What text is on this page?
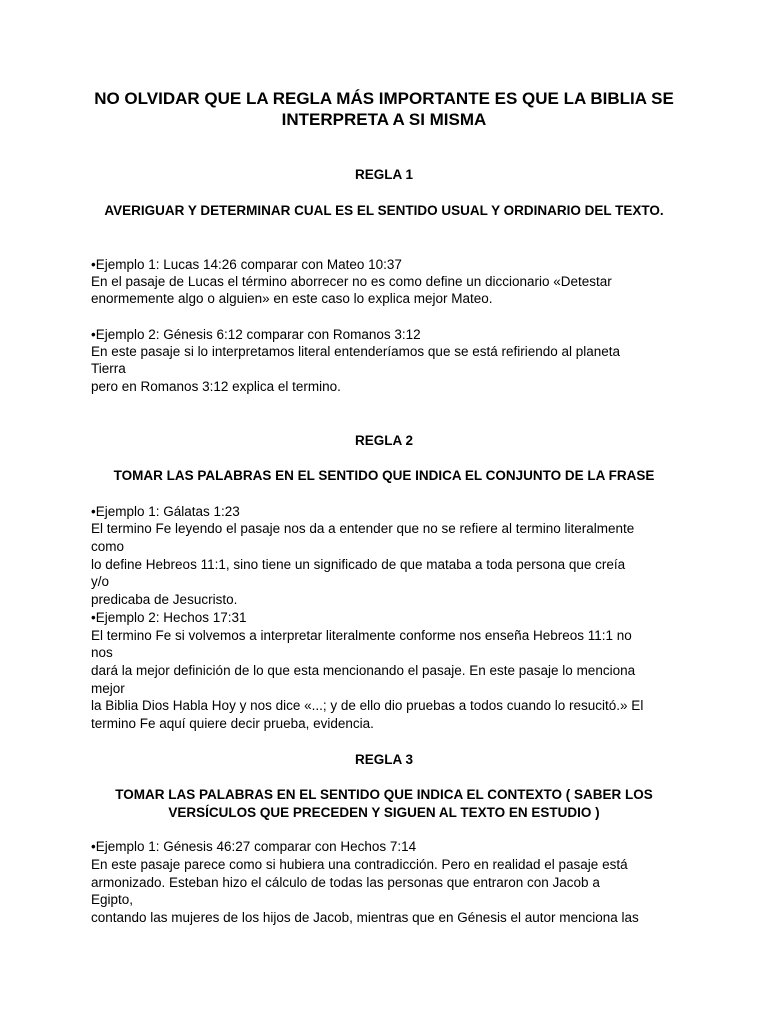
NO OLVIDAR QUE LA REGLA MÁS IMPORTANTE ES QUE LA BIBLIA SE INTERPRETA A SI MISMA

REGLA 1

AVERIGUAR Y DETERMINAR CUAL ES EL SENTIDO USUAL Y ORDINARIO DEL TEXTO.

•Ejemplo 1: Lucas 14:26 comparar con Mateo 10:37

En el pasaje de Lucas el término aborrecer no es como define un diccionario «Detestar

enormemente algo o alguien» en este caso lo explica mejor Mateo.

•Ejemplo 2: Génesis 6:12 comparar con Romanos 3:12

En este pasaje si lo interpretamos literal entenderíamos que se está refiriendo al planeta

Tierra

pero en Romanos 3:12 explica el termino.

REGLA 2

TOMAR LAS PALABRAS EN EL SENTIDO QUE INDICA EL CONJUNTO DE LA FRASE

•Ejemplo 1: Gálatas 1:23

El termino Fe leyendo el pasaje nos da a entender que no se refiere al termino literalmente

como

lo define Hebreos 11:1, sino tiene un significado de que mataba a toda persona que creía

y/o

predicaba de Jesucristo.

•Ejemplo 2: Hechos 17:31

El termino Fe si volvemos a interpretar literalmente conforme nos enseña Hebreos 11:1 no

nos

dará la mejor definición de lo que esta mencionando el pasaje. En este pasaje lo menciona

mejor

la Biblia Dios Habla Hoy y nos dice «...; y de ello dio pruebas a todos cuando lo resucitó.» El

termino Fe aquí quiere decir prueba, evidencia.

REGLA 3

TOMAR LAS PALABRAS EN EL SENTIDO QUE INDICA EL CONTEXTO ( SABER LOS VERSÍCULOS QUE PRECEDEN Y SIGUEN AL TEXTO EN ESTUDIO )

•Ejemplo 1: Génesis 46:27 comparar con Hechos 7:14

En este pasaje parece como si hubiera una contradicción. Pero en realidad el pasaje está

armonizado. Esteban hizo el cálculo de todas las personas que entraron con Jacob a

Egipto,

contando las mujeres de los hijos de Jacob, mientras que en Génesis el autor menciona las
